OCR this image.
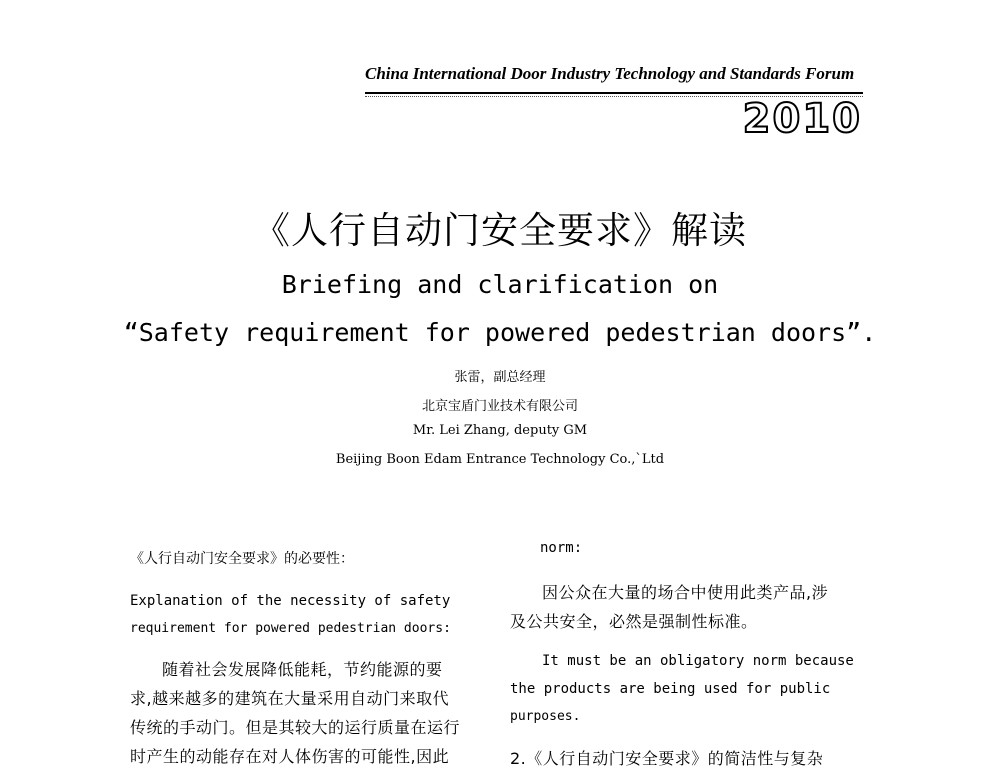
China International Door Industry Technology and Standards Forum
2010
《人行自动门安全要求》解读
Briefing and clarification on
“Safety requirement for powered pedestrian doors”.
张雷，副总经理
北京宝盾门业技术有限公司
Mr. Lei Zhang, deputy GM
Beijing Boon Edam Entrance Technology Co.,`Ltd
《人行自动门安全要求》的必要性：
Explanation of the necessity of safety
requirement for powered pedestrian doors:
随着社会发展降低能耗，节约能源的要
求,越来越多的建筑在大量采用自动门来取代
传统的手动门。但是其较大的运行质量在运行
时产生的动能存在对人体伤害的可能性,因此
norm:
因公众在大量的场合中使用此类产品,涉
及公共安全，必然是强制性标准。
It must be an obligatory norm because
the products are being used for public
purposes.
2.《人行自动门安全要求》的简洁性与复杂
